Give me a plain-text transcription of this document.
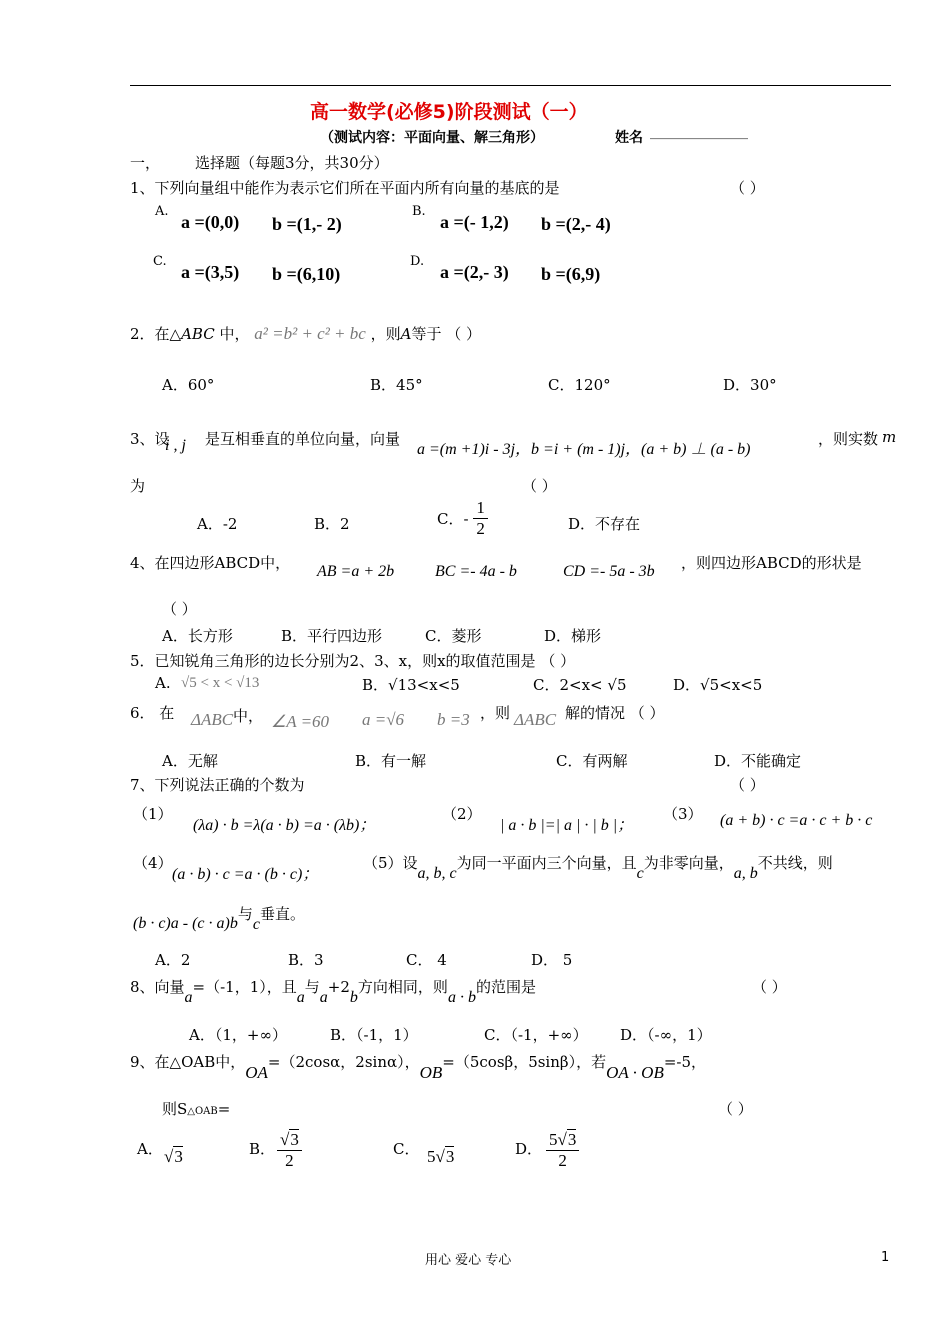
高一数学(必修5)阶段测试（一）
（测试内容：平面向量、解三角形）	姓名 ______________
一， 选择题（每题3分，共30分）
1、下列向量组中能作为表示它们所在平面内所有向量的基底的是	（ ）
A.
a =(0,0) b =(1,- 2)
B.
a =(- 1,2) b =(2,- 4)
C.
a =(3,5) b =(6,10)
D.
a =(2,- 3) b =(6,9)
2．在△ABC 中， a² =b² + c² + bc ，则A等于 （ ）
A．60°	B．45°	C．120°	D．30°
3、设
i , j 是互相垂直的单位向量，向量
a =(m +1)i - 3j，b =i + (m - 1)j，(a + b) ⊥ (a - b)
，则实数 m
为	（ ）
A．-2	B．2	C．- $\frac{1}{2}$	D．不存在
4、在四边形ABCD中， AB =a + 2b	BC =- 4a - b	CD =- 5a - 3b ，则四边形ABCD的形状是
（ ）
A．长方形	B．平行四边形	C．菱形	D．梯形
5．已知锐角三角形的边长分别为2、3、x，则x的取值范围是 （ ）
A. √5 < x < √13	B．√13<x<5	C．2<x< √5	D．√5<x<5
6． 在 ΔABC 中， ∠A =60 a =√6 b =3 ，则 ΔABC 解的情况 （ ）
A．无解	B．有一解	C．有两解	D．不能确定
7、下列说法正确的个数为	（ ）
（1）
(λa) · b =λ(a · b) =a · (λb)；
（2）
| a · b |=| a | · | b |；
（3） (a + b) · c =a · c + b · c
（4）
(a · b) · c =a · (b · c)；
（5）设a, b, c为同一平面内三个向量，且c为非零向量，a, b不共线，则
(b · c)a - (c · a)b与c垂直。
A．2	B．3	C． 4	D． 5
8、向量a=（-1，1），且a与a+2b方向相同，则a · b的范围是	（ ）
A．（1，+∞）	B．（-1，1）	C．（-1，+∞） D．（-∞，1）
9、在△OAB中，OA=（2cosα，2sinα），OB=（5cosβ，5sinβ），若OA · OB=-5，
则S△OAB=	（ ）
A． √3	B． $\frac{√3}{2}$	C． 5√3	D． $\frac{5√3}{2}$
用心 爱心 专心	1
